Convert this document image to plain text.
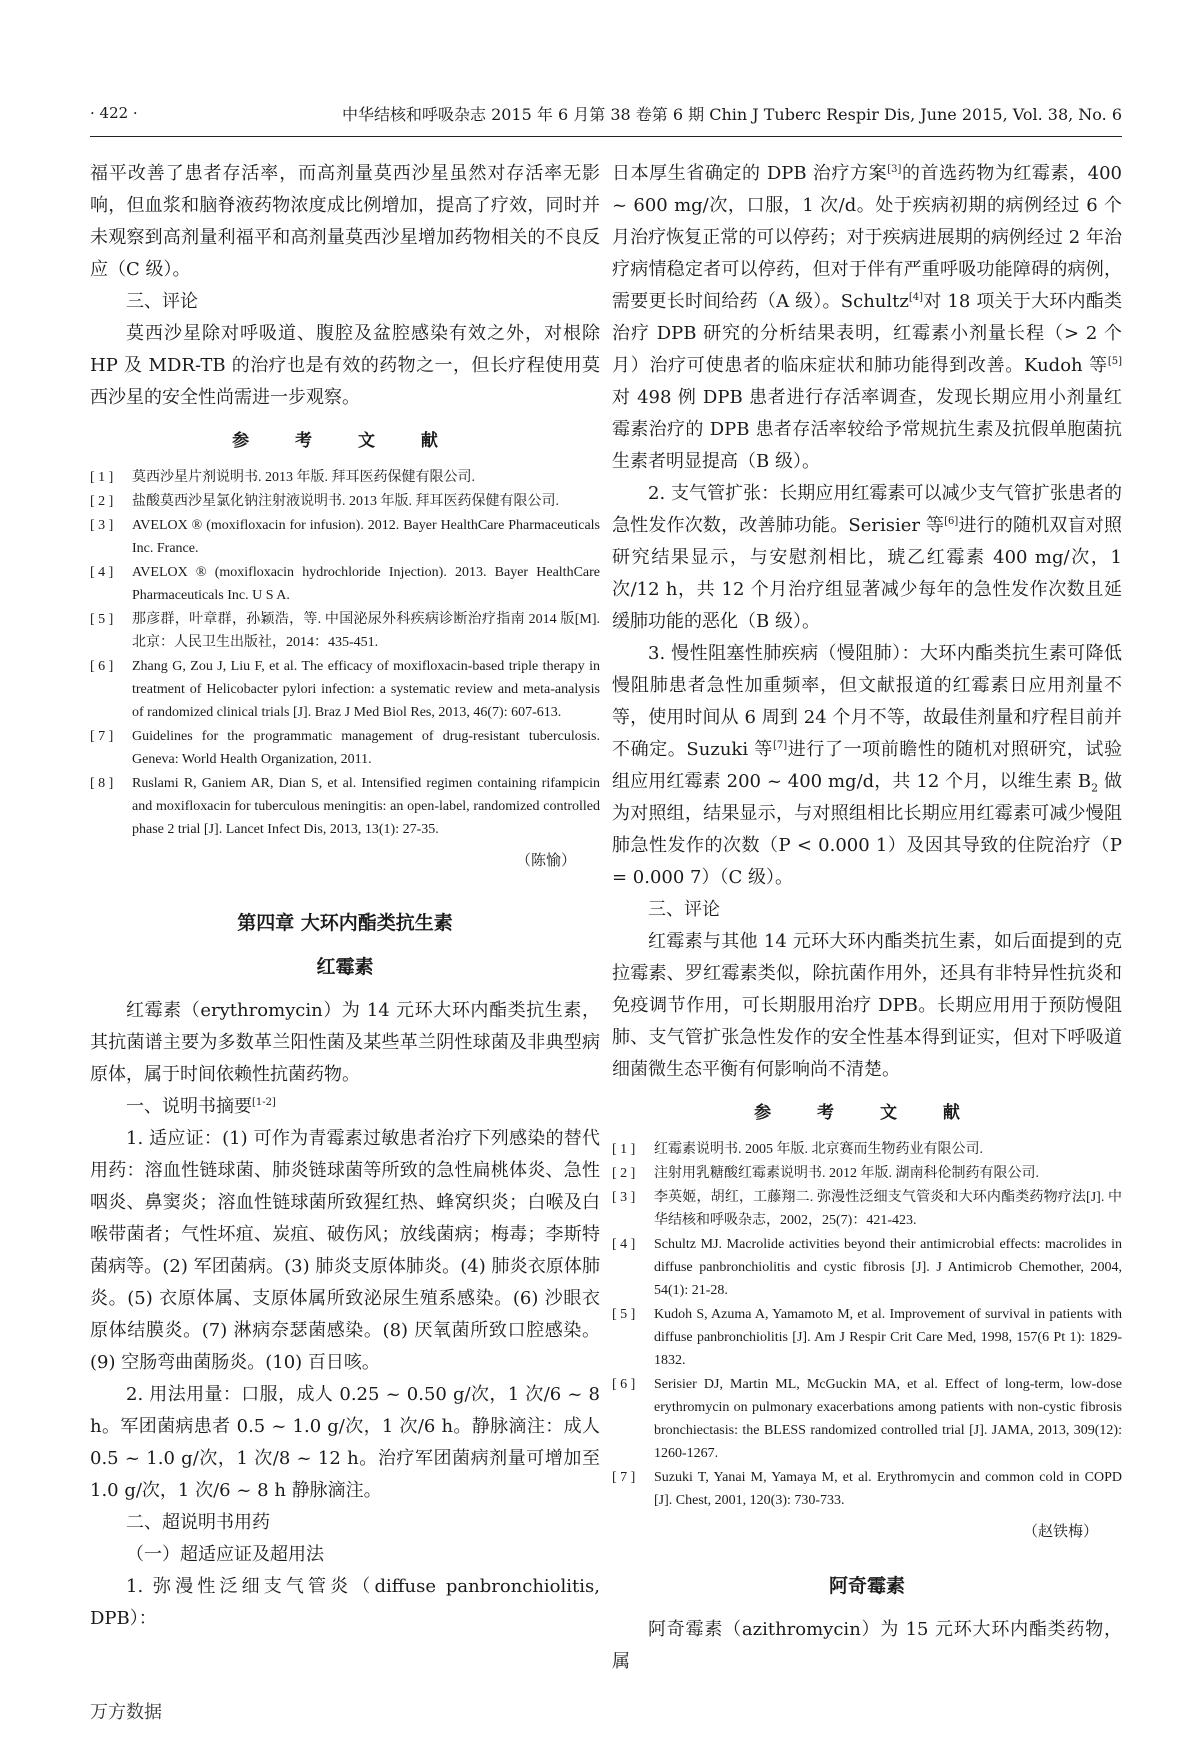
· 422 ·	中华结核和呼吸杂志 2015 年 6 月第 38 卷第 6 期 Chin J Tuberc Respir Dis, June 2015, Vol. 38, No. 6

福平改善了患者存活率，而高剂量莫西沙星虽然对存活率无影响，但血浆和脑脊液药物浓度成比例增加，提高了疗效，同时并未观察到高剂量利福平和高剂量莫西沙星增加药物相关的不良反应（C 级）。

三、评论

莫西沙星除对呼吸道、腹腔及盆腔感染有效之外，对根除 HP 及 MDR-TB 的治疗也是有效的药物之一，但长疗程使用莫西沙星的安全性尚需进一步观察。

参 考 文 献
[ 1 ] 莫西沙星片剂说明书. 2013 年版. 拜耳医药保健有限公司.
[ 2 ] 盐酸莫西沙星氯化钠注射液说明书. 2013 年版. 拜耳医药保健有限公司.
[ 3 ] AVELOX ® (moxifloxacin for infusion). 2012. Bayer HealthCare Pharmaceuticals Inc. France.
[ 4 ] AVELOX ® (moxifloxacin hydrochloride Injection). 2013. Bayer HealthCare Pharmaceuticals Inc. U S A.
[ 5 ] 那彦群，叶章群，孙颖浩，等. 中国泌尿外科疾病诊断治疗指南 2014 版[M]. 北京：人民卫生出版社，2014：435-451.
[ 6 ] Zhang G, Zou J, Liu F, et al. The efficacy of moxifloxacin-based triple therapy in treatment of Helicobacter pylori infection: a systematic review and meta-analysis of randomized clinical trials [J]. Braz J Med Biol Res, 2013, 46(7): 607-613.
[ 7 ] Guidelines for the programmatic management of drug-resistant tuberculosis. Geneva: World Health Organization, 2011.
[ 8 ] Ruslami R, Ganiem AR, Dian S, et al. Intensified regimen containing rifampicin and moxifloxacin for tuberculous meningitis: an open-label, randomized controlled phase 2 trial [J]. Lancet Infect Dis, 2013, 13(1): 27-35.
（陈愉）
第四章 大环内酯类抗生素
红霉素

红霉素（erythromycin）为 14 元环大环内酯类抗生素，其抗菌谱主要为多数革兰阳性菌及某些革兰阴性球菌及非典型病原体，属于时间依赖性抗菌药物。

一、说明书摘要[1-2]

1. 适应证：(1) 可作为青霉素过敏患者治疗下列感染的替代用药：溶血性链球菌、肺炎链球菌等所致的急性扁桃体炎、急性咽炎、鼻窦炎；溶血性链球菌所致猩红热、蜂窝织炎；白喉及白喉带菌者；气性坏疽、炭疽、破伤风；放线菌病；梅毒；李斯特菌病等。(2) 军团菌病。(3) 肺炎支原体肺炎。(4) 肺炎衣原体肺炎。(5) 衣原体属、支原体属所致泌尿生殖系感染。(6) 沙眼衣原体结膜炎。(7) 淋病奈瑟菌感染。(8) 厌氧菌所致口腔感染。(9) 空肠弯曲菌肠炎。(10) 百日咳。

2. 用法用量：口服，成人 0.25 ~ 0.50 g/次，1 次/6 ~ 8 h。军团菌病患者 0.5 ~ 1.0 g/次，1 次/6 h。静脉滴注：成人 0.5 ~ 1.0 g/次，1 次/8 ~ 12 h。治疗军团菌病剂量可增加至 1.0 g/次，1 次/6 ~ 8 h 静脉滴注。

二、超说明书用药
（一）超适应证及超用法

1. 弥漫性泛细支气管炎（diffuse panbronchiolitis, DPB）：

日本厚生省确定的 DPB 治疗方案[3]的首选药物为红霉素，400 ~ 600 mg/次，口服，1 次/d。处于疾病初期的病例经过 6 个月治疗恢复正常的可以停药；对于疾病进展期的病例经过 2 年治疗病情稳定者可以停药，但对于伴有严重呼吸功能障碍的病例，需要更长时间给药（A 级）。Schultz[4]对 18 项关于大环内酯类治疗 DPB 研究的分析结果表明，红霉素小剂量长程（> 2 个月）治疗可使患者的临床症状和肺功能得到改善。Kudoh 等[5]对 498 例 DPB 患者进行存活率调查，发现长期应用小剂量红霉素治疗的 DPB 患者存活率较给予常规抗生素及抗假单胞菌抗生素者明显提高（B 级）。

2. 支气管扩张：长期应用红霉素可以减少支气管扩张患者的急性发作次数，改善肺功能。Serisier 等[6]进行的随机双盲对照研究结果显示，与安慰剂相比，琥乙红霉素 400 mg/次，1 次/12 h，共 12 个月治疗组显著减少每年的急性发作次数且延缓肺功能的恶化（B 级）。

3. 慢性阻塞性肺疾病（慢阻肺）：大环内酯类抗生素可降低慢阻肺患者急性加重频率，但文献报道的红霉素日应用剂量不等，使用时间从 6 周到 24 个月不等，故最佳剂量和疗程目前并不确定。Suzuki 等[7]进行了一项前瞻性的随机对照研究，试验组应用红霉素 200 ~ 400 mg/d，共 12 个月，以维生素 $B_2$ 做为对照组，结果显示，与对照组相比长期应用红霉素可减少慢阻肺急性发作的次数（P < 0.000 1）及因其导致的住院治疗（P = 0.000 7）（C 级）。

三、评论

红霉素与其他 14 元环大环内酯类抗生素，如后面提到的克拉霉素、罗红霉素类似，除抗菌作用外，还具有非特异性抗炎和免疫调节作用，可长期服用治疗 DPB。长期应用用于预防慢阻肺、支气管扩张急性发作的安全性基本得到证实，但对下呼吸道细菌微生态平衡有何影响尚不清楚。

参 考 文 献
[ 1 ] 红霉素说明书. 2005 年版. 北京赛而生物药业有限公司.
[ 2 ] 注射用乳糖酸红霉素说明书. 2012 年版. 湖南科伦制药有限公司.
[ 3 ] 李英姬，胡红，工藤翔二. 弥漫性泛细支气管炎和大环内酯类药物疗法[J]. 中华结核和呼吸杂志，2002，25(7)：421-423.
[ 4 ] Schultz MJ. Macrolide activities beyond their antimicrobial effects: macrolides in diffuse panbronchiolitis and cystic fibrosis [J]. J Antimicrob Chemother, 2004, 54(1): 21-28.
[ 5 ] Kudoh S, Azuma A, Yamamoto M, et al. Improvement of survival in patients with diffuse panbronchiolitis [J]. Am J Respir Crit Care Med, 1998, 157(6 Pt 1): 1829-1832.
[ 6 ] Serisier DJ, Martin ML, McGuckin MA, et al. Effect of long-term, low-dose erythromycin on pulmonary exacerbations among patients with non-cystic fibrosis bronchiectasis: the BLESS randomized controlled trial [J]. JAMA, 2013, 309(12): 1260-1267.
[ 7 ] Suzuki T, Yanai M, Yamaya M, et al. Erythromycin and common cold in COPD [J]. Chest, 2001, 120(3): 730-733.
（赵铁梅）
阿奇霉素

阿奇霉素（azithromycin）为 15 元环大环内酯类药物，属

万方数据
